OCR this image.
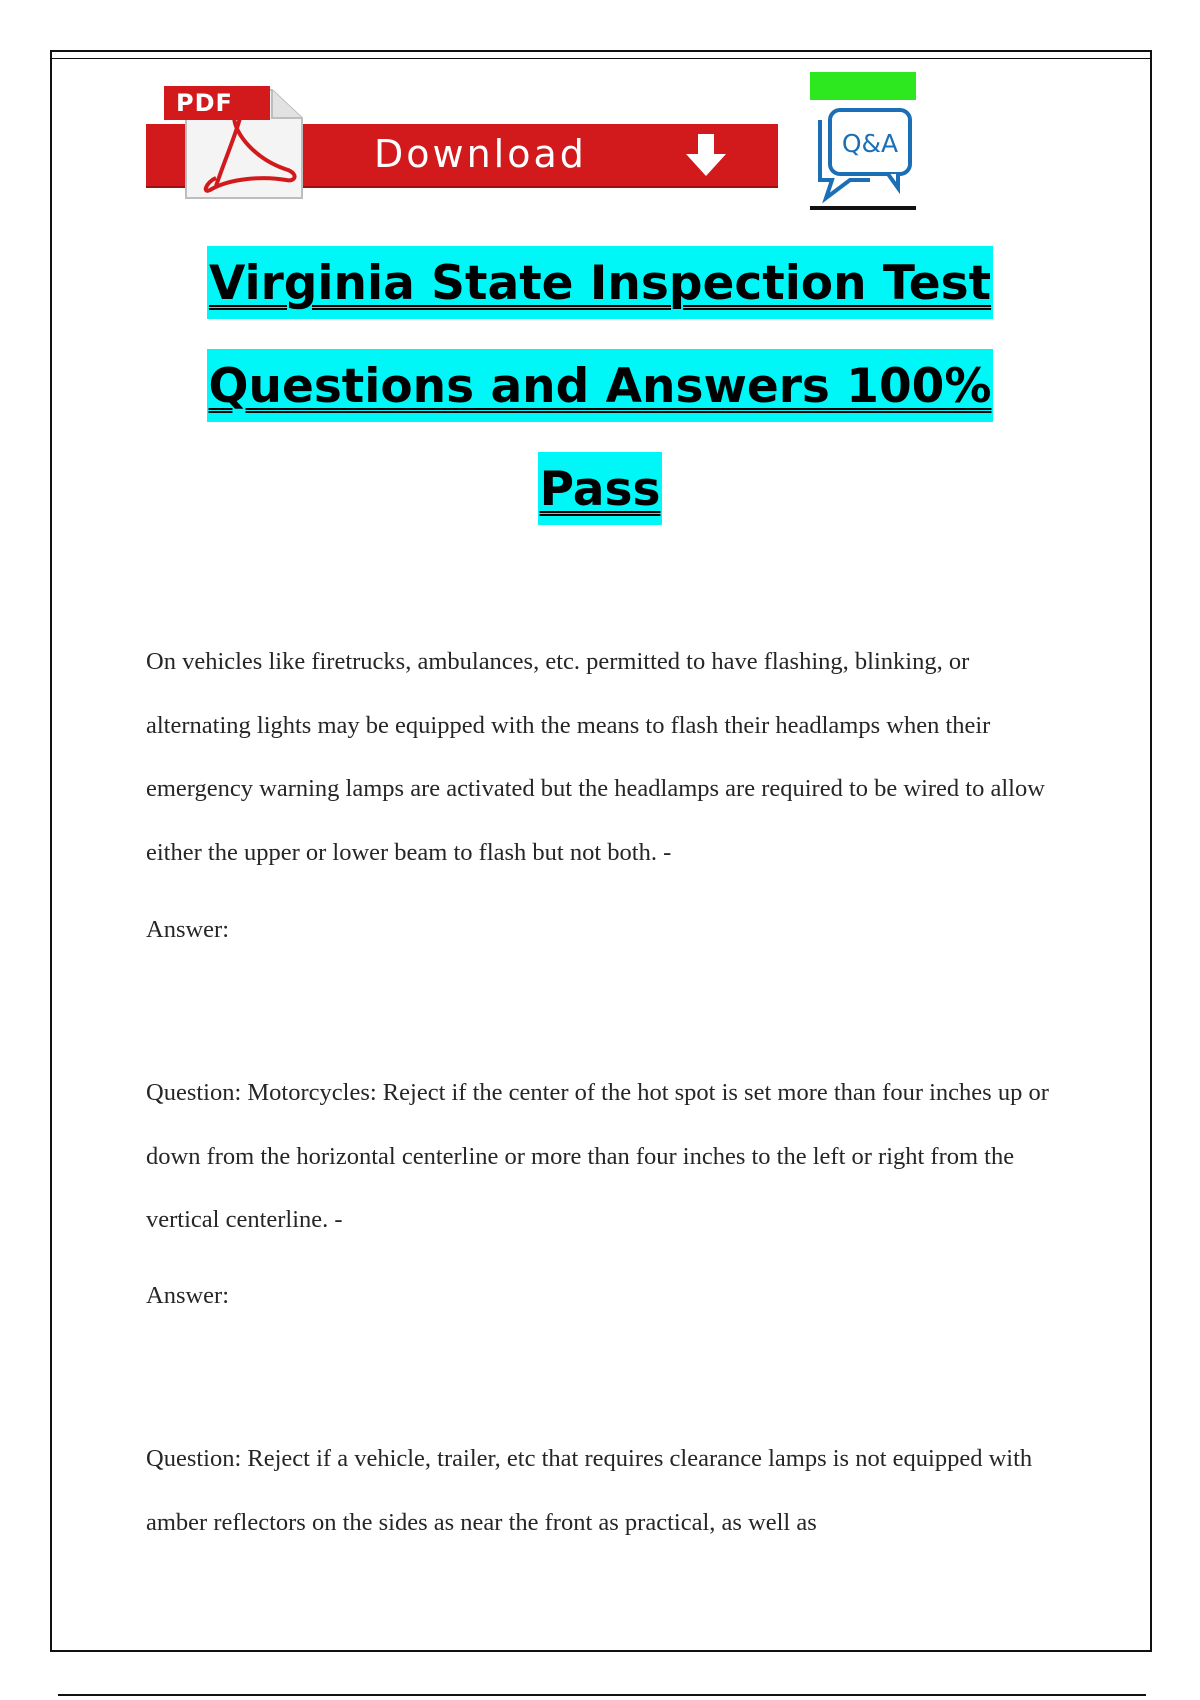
PDF
Download	Q&A
Virginia State Inspection Test
Questions and Answers 100%
Pass

On vehicles like firetrucks, ambulances, etc. permitted to have flashing, blinking, or alternating lights may be equipped with the means to flash their headlamps when their emergency warning lamps are activated but the headlamps are required to be wired to allow either the upper or lower beam to flash but not both. -

Answer:

Question: Motorcycles: Reject if the center of the hot spot is set more than four inches up or down from the horizontal centerline or more than four inches to the left or right from the vertical centerline. -

Answer:

Question: Reject if a vehicle, trailer, etc that requires clearance lamps is not equipped with amber reflectors on the sides as near the front as practical, as well as
